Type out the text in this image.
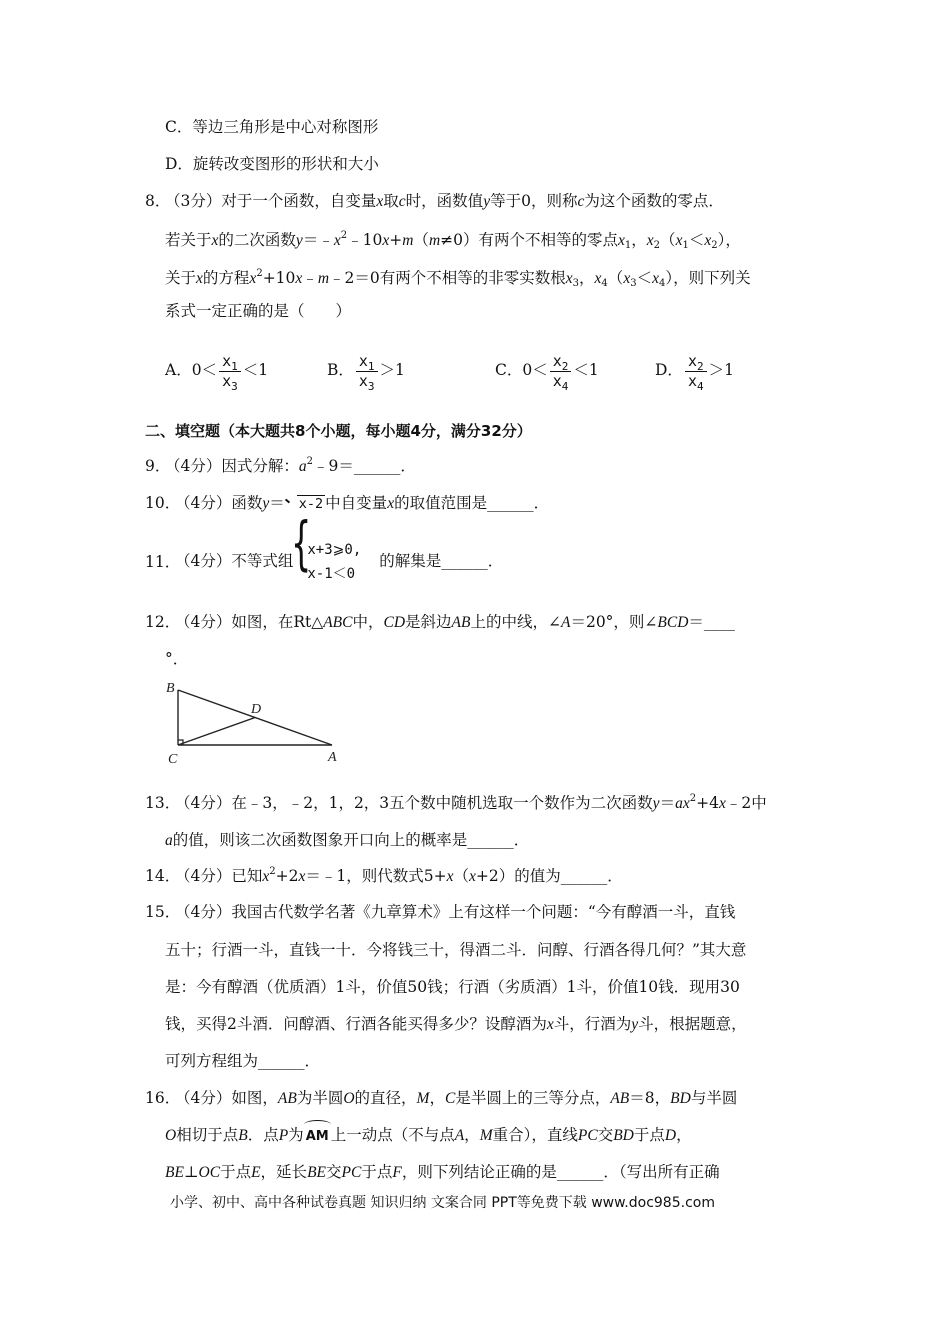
C．等边三角形是中心对称图形
D．旋转改变图形的形状和大小
8．
（3分）对于一个函数，自变量x取c时，函数值y等于0，则称c为这个函数的零点．
若关于x的二次函数$y=﹣x^2﹣10x+m(m\ne 0)$有两个不相等的零点$x_1$，$x_2(x_1<x_2)$，
关于x的方程$x^2+10x﹣m﹣2=0$有两个不相等的非零实数根$x_3$，$x_4(x_3<x_4)$，则下列关
系式一定正确的是（　　）
A．$0< \frac{x_1}{x_3} <1$	B． $\frac{x_1}{x_3} >1$	C．$0< \frac{x_2}{x_4} <1$	D． $\frac{x_2}{x_4} >1$
二、填空题（本大题共8个小题，每小题4分，满分32分）
9．
（4分）因式分解：$a^2﹣9=\_\_\_\_\_\_$．
10．
（4分）函数y＝ x-2 中自变量x的取值范围是______．
11．
（4分）不等式组
{ x+3⩾0,
x-1＜0
的解集是______．
12．
（4分）如图，在Rt△ABC中，CD是斜边AB上的中线，∠A＝20°，则∠BCD＝____
°．
B
D
C	A
13．
（4分）在﹣3，﹣2，1，2，3五个数中随机选取一个数作为二次函数$y=ax^2+4x﹣2$中
a的值，则该二次函数图象开口向上的概率是______．
14．
（4分）已知$x^2+2x=﹣1$，则代数式5+x（x+2）的值为______．
15．
（4分）我国古代数学名著《九章算术》上有这样一个问题：“今有醇酒一斗，直钱
五十；行酒一斗，直钱一十．今将钱三十，得酒二斗．问醇、行酒各得几何？”其大意
是：今有醇酒（优质酒）1斗，价值50钱；行酒（劣质酒）1斗，价值10钱．现用30
钱，买得2斗酒．问醇酒、行酒各能买得多少？设醇酒为x斗，行酒为y斗，根据题意，
可列方程组为______．
16．
（4分）如图，AB为半圆O的直径，M，C是半圆上的三等分点，AB＝8，BD与半圆
O相切于点B．点P为 AM 上一动点（不与点A，M重合），直线PC交BD于点D，
BE⊥OC于点E，延长BE交PC于点F，则下列结论正确的是______．（写出所有正确
小学、初中、高中各种试卷真题 知识归纳 文案合同 PPT等免费下载 www.doc985.com
